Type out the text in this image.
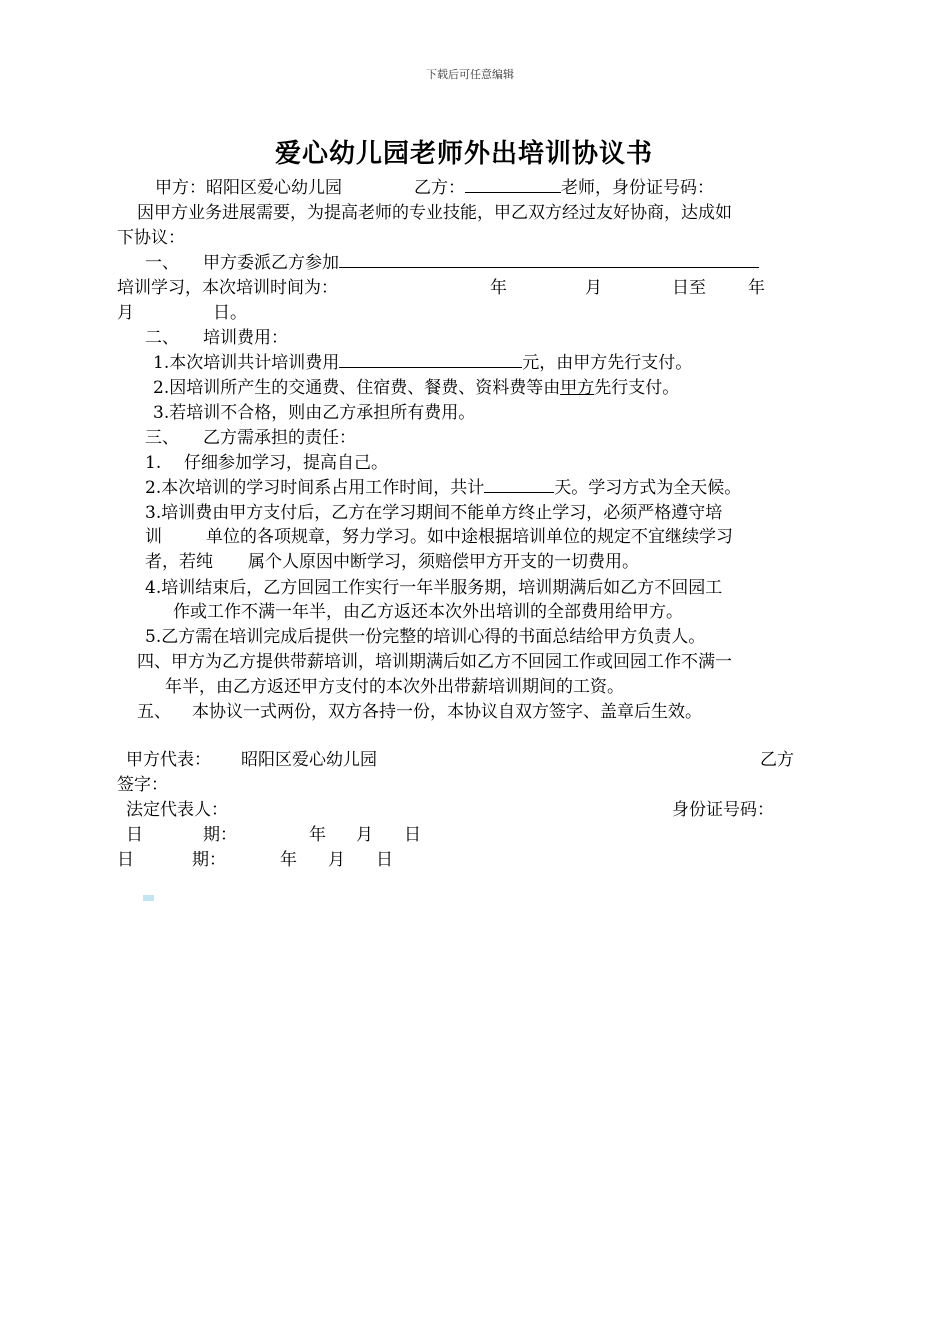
下载后可任意编辑
爱心幼儿园老师外出培训协议书
甲方：昭阳区爱心幼儿园	乙方：	老师，身份证号码：
因甲方业务进展需要，为提高老师的专业技能，甲乙双方经过友好协商，达成如
下协议：
一、 甲方委派乙方参加
培训学习，本次培训时间为：	年	月	日至 年
月	日。
二、 培训费用：
1.本次培训共计培训费用	元，由甲方先行支付。
2.因培训所产生的交通费、住宿费、餐费、资料费等由甲方先行支付。
3.若培训不合格，则由乙方承担所有费用。
三、 乙方需承担的责任：
1. 仔细参加学习，提高自己。
2.本次培训的学习时间系占用工作时间，共计	天。学习方式为全天候。
3.培训费由甲方支付后，乙方在学习期间不能单方终止学习，必须严格遵守培
训	单位的各项规章，努力学习。如中途根据培训单位的规定不宜继续学习
者，若纯 属个人原因中断学习，须赔偿甲方开支的一切费用。
4.培训结束后，乙方回园工作实行一年半服务期，培训期满后如乙方不回园工
作或工作不满一年半，由乙方返还本次外出培训的全部费用给甲方。
5.乙方需在培训完成后提供一份完整的培训心得的书面总结给甲方负责人。
四、甲方为乙方提供带薪培训，培训期满后如乙方不回园工作或回园工作不满一
年半，由乙方返还甲方支付的本次外出带薪培训期间的工资。
五、 本协议一式两份，双方各持一份，本协议自双方签字、盖章后生效。
甲方代表： 昭阳区爱心幼儿园	乙方
签字：
法定代表人：	身份证号码：
日	期：	年 月 日
日	期：	年 月 日
